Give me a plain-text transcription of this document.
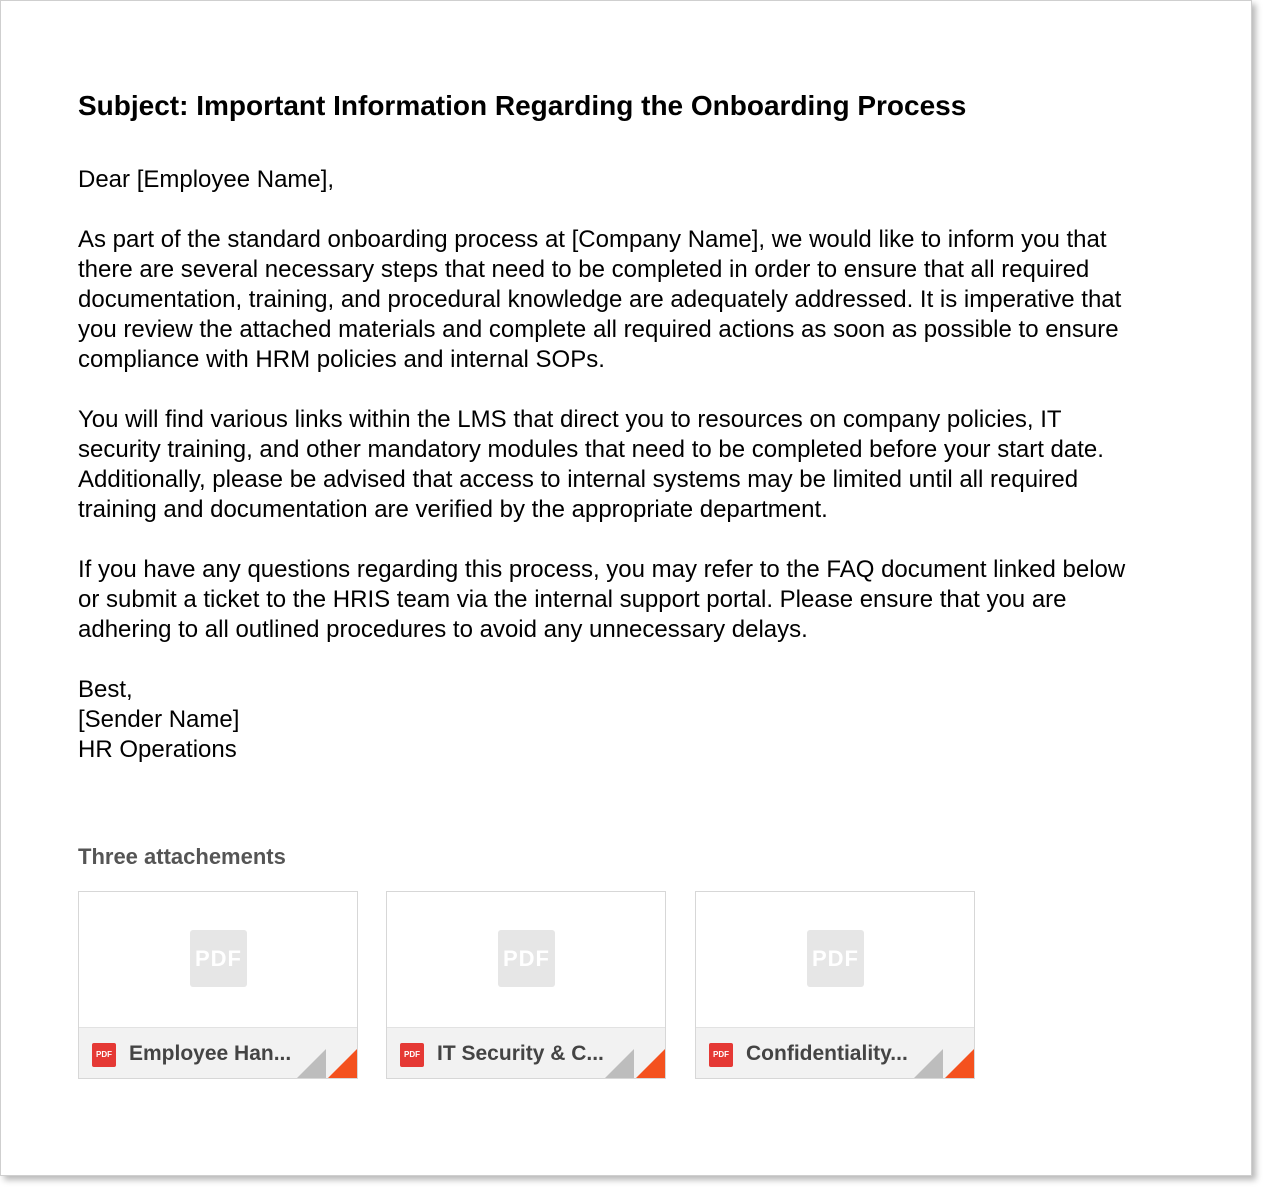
Subject: Important Information Regarding the Onboarding Process

Dear [Employee Name],

As part of the standard onboarding process at [Company Name], we would like to inform you that there are several necessary steps that need to be completed in order to ensure that all required documentation, training, and procedural knowledge are adequately addressed. It is imperative that you review the attached materials and complete all required actions as soon as possible to ensure compliance with HRM policies and internal SOPs.

You will find various links within the LMS that direct you to resources on company policies, IT security training, and other mandatory modules that need to be completed before your start date. Additionally, please be advised that access to internal systems may be limited until all required training and documentation are verified by the appropriate department.

If you have any questions regarding this process, you may refer to the FAQ document linked below or submit a ticket to the HRIS team via the internal support portal. Please ensure that you are adhering to all outlined procedures to avoid any unnecessary delays.

Best,
[Sender Name]
HR Operations
Three attachements
PDF
PDF Employee Han...
PDF
PDF IT Security & C...
PDF
PDF Confidentiality...
